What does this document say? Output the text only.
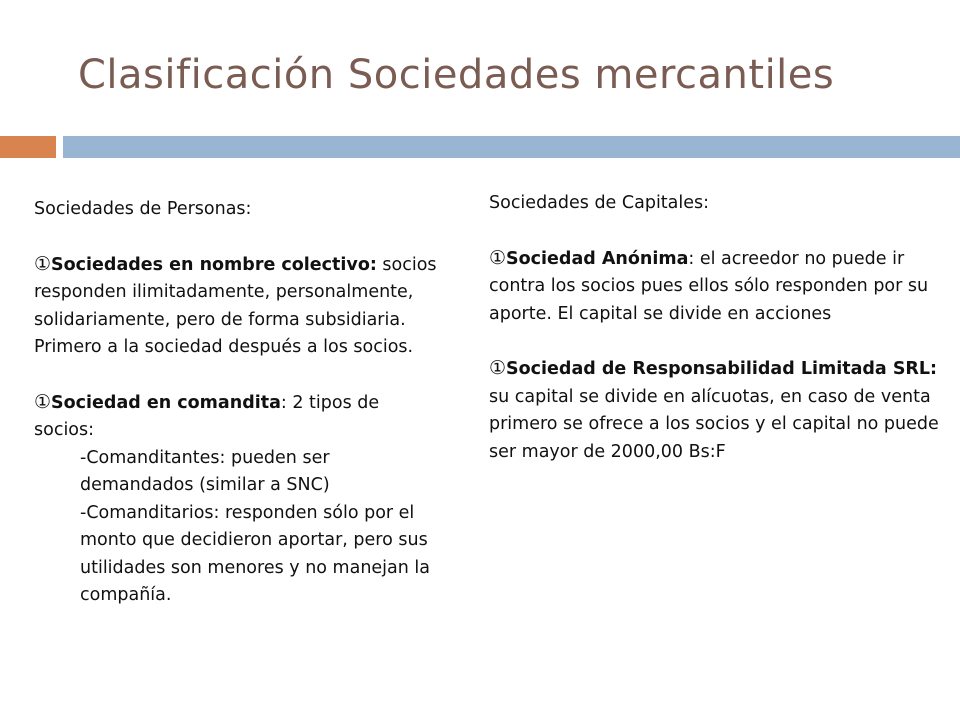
Clasificación Sociedades mercantiles

Sociedades de Personas:

①Sociedades en nombre colectivo: socios responden ilimitadamente, personalmente, solidariamente, pero de forma subsidiaria. Primero a la sociedad después a los socios.

①Sociedad en comandita: 2 tipos de socios:
-Comanditantes: pueden ser demandados (similar a SNC)
-Comanditarios: responden sólo por el monto que decidieron aportar, pero sus utilidades son menores y no manejan la compañía.

Sociedades de Capitales:

①Sociedad Anónima: el acreedor no puede ir contra los socios pues ellos sólo responden por su aporte. El capital se divide en acciones

①Sociedad de Responsabilidad Limitada SRL: su capital se divide en alícuotas, en caso de venta primero se ofrece a los socios y el capital no puede ser mayor de 2000,00 Bs:F
